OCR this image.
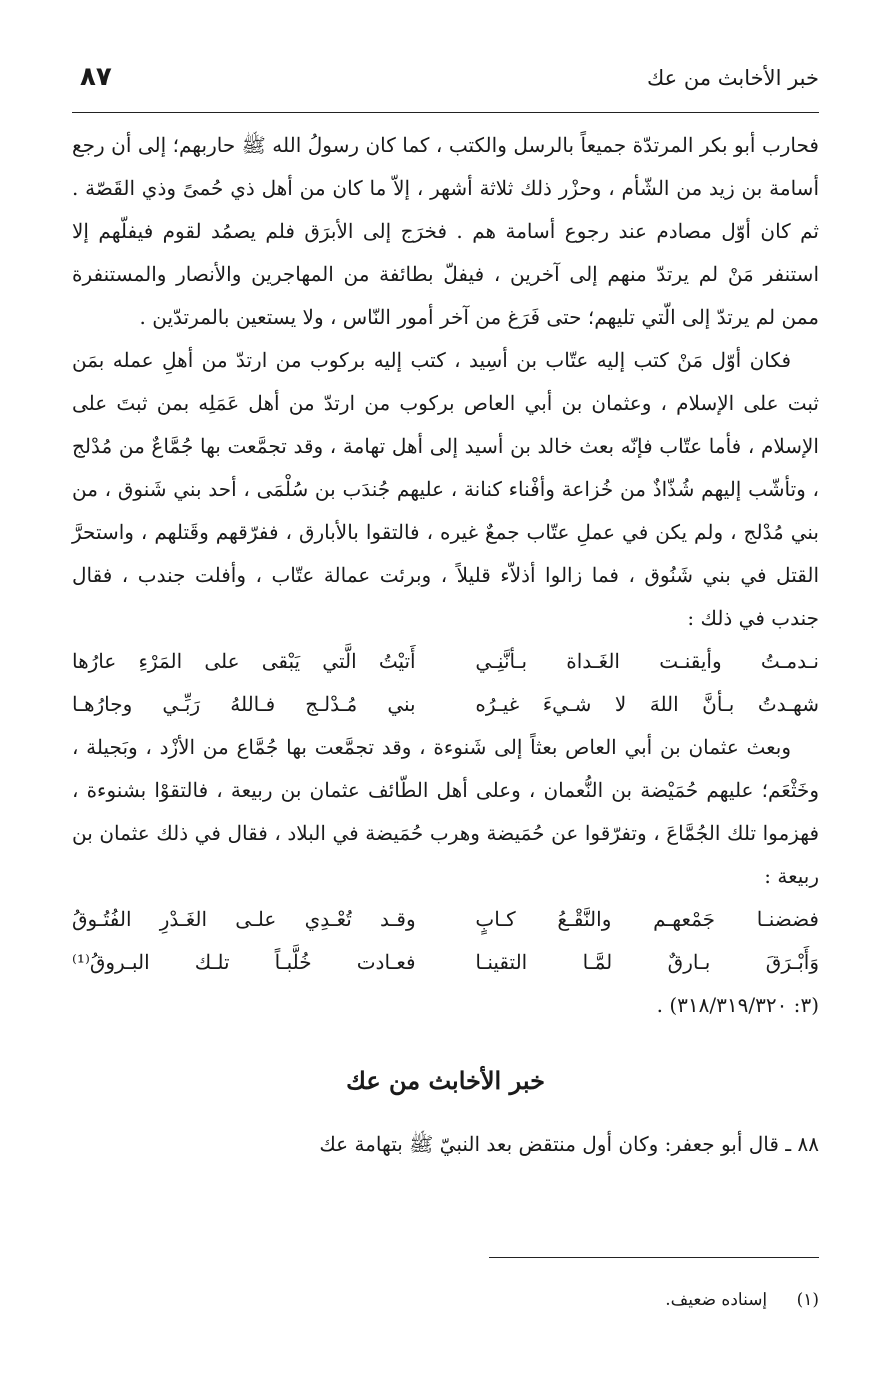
٨٧	خبر الأخابث من عك

فحارب أبو بكر المرتدّة جميعاً بالرسل والكتب ، كما كان رسولُ الله ﷺ حاربهم؛ إلى أن رجع أسامة بن زيد من الشّأم ، وحزْر ذلك ثلاثة أشهر ، إلاّ ما كان من أهل ذي حُمىً وذي القَصّة . ثم كان أوّل مصادم عند رجوع أسامة هم . فخرَج إلى الأبرَق فلم يصمُد لقوم فيفلّهم إلا استنفر مَنْ لم يرتدّ منهم إلى آخرين ، فيفلّ بطائفة من المهاجرين والأنصار والمستنفرة ممن لم يرتدّ إلى الّتي تليهم؛ حتى فَرَغ من آخر أمور النّاس ، ولا يستعين بالمرتدّين .

فكان أوّل مَنْ كتب إليه عتّاب بن أسِيد ، كتب إليه بركوب من ارتدّ من أهلِ عمله بمَن ثبت على الإسلام ، وعثمان بن أبي العاص بركوب من ارتدّ من أهل عَمَلِه بمن ثبتَ على الإسلام ، فأما عتّاب فإنّه بعث خالد بن أسيد إلى أهل تهامة ، وقد تجمَّعت بها جُمَّاعٌ من مُدْلج ، وتأشّب إليهم شُذّاذٌ من خُزاعة وأفْناء كنانة ، عليهم جُندَب بن سُلْمَى ، أحد بني شَنوق ، من بني مُدْلج ، ولم يكن في عملِ عتّاب جمعٌ غيره ، فالتقوا بالأبارق ، ففرّقهم وقَتلهم ، واستحرَّ القتل في بني شَنُوق ، فما زالوا أذلاّء قليلاً ، وبرئت عمالة عتّاب ، وأفلت جندب ، فقال جندب في ذلك :

نـدمـتُ وأيقنـت الغَـداة بـأنَّنِـي
أَتيْتُ الَّتي يَبْقى على المَرْءِ عارُها
شهـدتُ بـأنَّ اللهَ لا شـيءَ غيـرُه
بني مُـدْلـج فـاللهُ رَبِّـي وجارُهـا

وبعث عثمان بن أبي العاص بعثاً إلى شَنوءة ، وقد تجمَّعت بها جُمَّاع من الأزْد ، وبَجيلة ، وخَثْعَم؛ عليهم حُمَيْضة بن النُّعمان ، وعلى أهل الطّائف عثمان بن ربيعة ، فالتقوْا بشنوءة ، فهزموا تلك الجُمَّاعَ ، وتفرّقوا عن حُمَيضة وهرب حُمَيضة في البلاد ، فقال في ذلك عثمان بن ربيعة :

فضضنـا جَمْعهـم والنَّقْـعُ كـابٍ
وقـد تُعْـدِي علـى الغَـدْرِ الفُتُـوقُ
وَأَبْـرَقَ بـارقٌ لمَّـا التقينـا
فعـادت خُلَّبـاً تلـك البـروقُ⁽¹⁾

(٣: ٣١٨/٣١٩/٣٢٠) .

خبر الأخابث من عك

٨٨ ـ قال أبو جعفر: وكان أول منتقض بعد النبيّ ﷺ بتهامة عك

(١) إسناده ضعيف.
